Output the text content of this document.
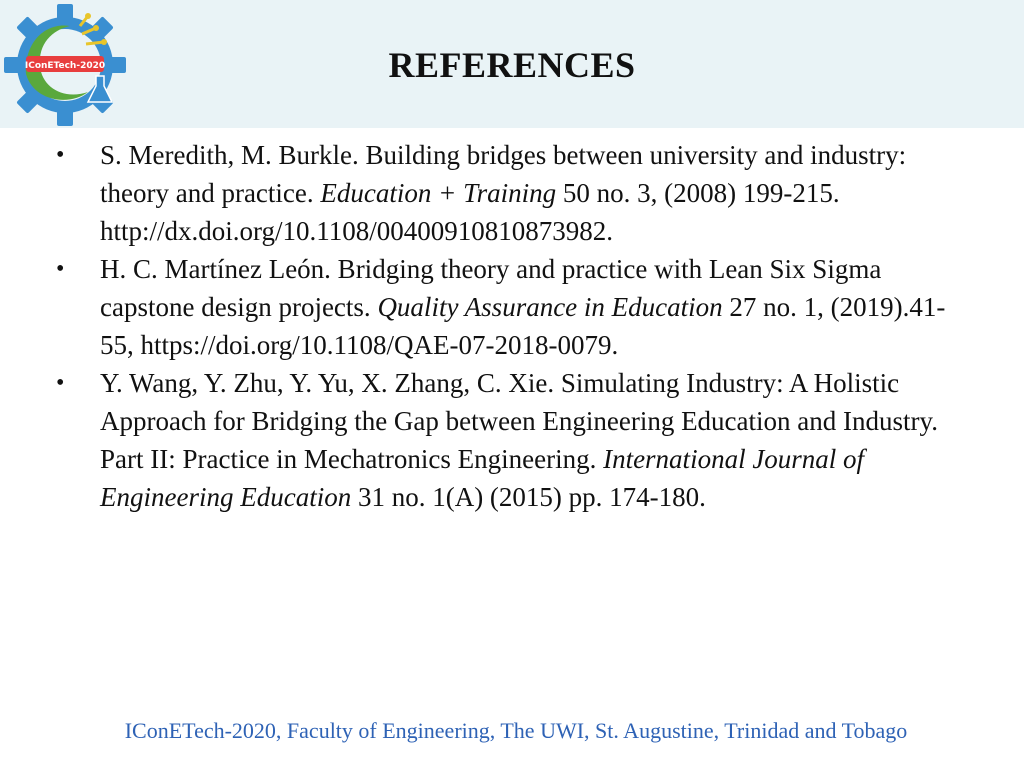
IConETech-2020	REFERENCES
• S. Meredith, M. Burkle. Building bridges between university and industry: theory and practice. Education + Training 50 no. 3, (2008) 199-215. http://dx.doi.org/10.1108/00400910810873982.
• H. C. Martínez León. Bridging theory and practice with Lean Six Sigma capstone design projects. Quality Assurance in Education 27 no. 1, (2019).41-55, https://doi.org/10.1108/QAE-07-2018-0079.
• Y. Wang, Y. Zhu, Y. Yu, X. Zhang, C. Xie. Simulating Industry: A Holistic Approach for Bridging the Gap between Engineering Education and Industry. Part II: Practice in Mechatronics Engineering. International Journal of Engineering Education 31 no. 1(A) (2015) pp. 174-180.
IConETech-2020, Faculty of Engineering, The UWI, St. Augustine, Trinidad and Tobago
